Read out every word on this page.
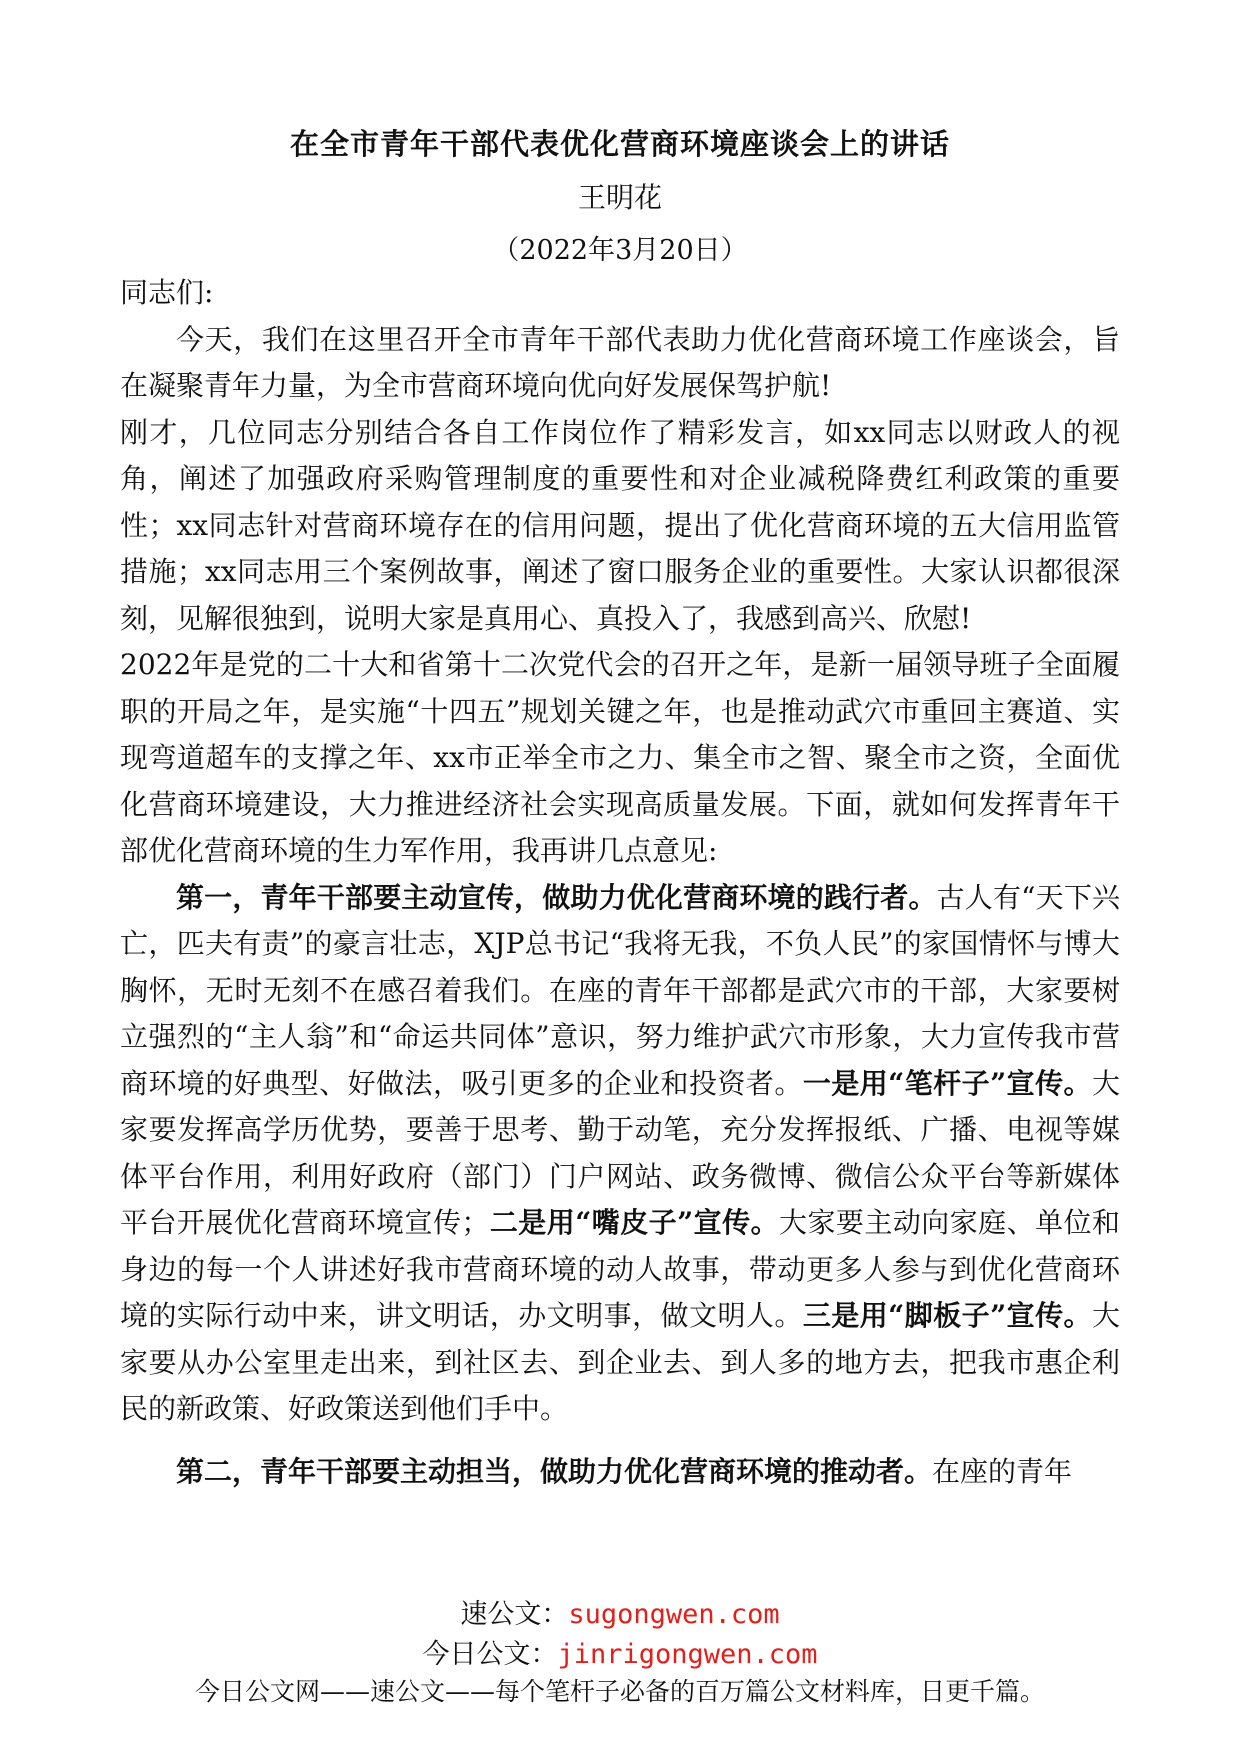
在全市青年干部代表优化营商环境座谈会上的讲话
王明花
（2022年3月20日）

同志们:

今天，我们在这里召开全市青年干部代表助力优化营商环境工作座谈会，旨在凝聚青年力量，为全市营商环境向优向好发展保驾护航!

刚才，几位同志分别结合各自工作岗位作了精彩发言，如xx同志以财政人的视角，阐述了加强政府采购管理制度的重要性和对企业减税降费红利政策的重要性；xx同志针对营商环境存在的信用问题，提出了优化营商环境的五大信用监管措施；xx同志用三个案例故事，阐述了窗口服务企业的重要性。大家认识都很深刻，见解很独到，说明大家是真用心、真投入了，我感到高兴、欣慰!

2022年是党的二十大和省第十二次党代会的召开之年，是新一届领导班子全面履职的开局之年，是实施“十四五”规划关键之年，也是推动武穴市重回主赛道、实现弯道超车的支撑之年、xx市正举全市之力、集全市之智、聚全市之资，全面优化营商环境建设，大力推进经济社会实现高质量发展。下面，就如何发挥青年干部优化营商环境的生力军作用，我再讲几点意见:

第一，青年干部要主动宣传，做助力优化营商环境的践行者。古人有“天下兴亡，匹夫有责”的豪言壮志，XJP总书记“我将无我，不负人民”的家国情怀与博大胸怀，无时无刻不在感召着我们。在座的青年干部都是武穴市的干部，大家要树立强烈的“主人翁”和“命运共同体”意识，努力维护武穴市形象，大力宣传我市营商环境的好典型、好做法，吸引更多的企业和投资者。一是用“笔杆子”宣传。大家要发挥高学历优势，要善于思考、勤于动笔，充分发挥报纸、广播、电视等媒体平台作用，利用好政府（部门）门户网站、政务微博、微信公众平台等新媒体平台开展优化营商环境宣传；二是用“嘴皮子”宣传。大家要主动向家庭、单位和身边的每一个人讲述好我市营商环境的动人故事，带动更多人参与到优化营商环境的实际行动中来，讲文明话，办文明事，做文明人。三是用“脚板子”宣传。大家要从办公室里走出来，到社区去、到企业去、到人多的地方去，把我市惠企利民的新政策、好政策送到他们手中。

第二，青年干部要主动担当，做助力优化营商环境的推动者。在座的青年

速公文：sugongwen.com
今日公文：jinrigongwen.com
今日公文网——速公文——每个笔杆子必备的百万篇公文材料库，日更千篇。
